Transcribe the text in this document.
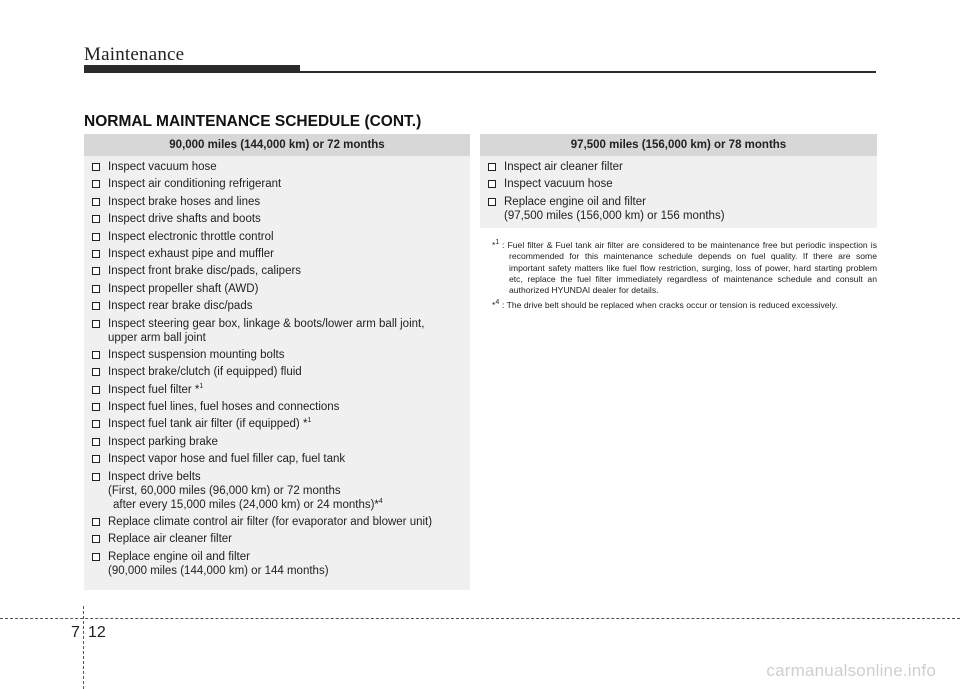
Maintenance
NORMAL MAINTENANCE SCHEDULE (CONT.)
90,000 miles (144,000 km) or 72 months
Inspect vacuum hose
Inspect air conditioning refrigerant
Inspect brake hoses and lines
Inspect drive shafts and boots
Inspect electronic throttle control
Inspect exhaust pipe and muffler
Inspect front brake disc/pads, calipers
Inspect propeller shaft (AWD)
Inspect rear brake disc/pads
Inspect steering gear box, linkage & boots/lower arm ball joint,
upper arm ball joint
Inspect suspension mounting bolts
Inspect brake/clutch (if equipped) fluid
Inspect fuel filter *$^1$
Inspect fuel lines, fuel hoses and connections
Inspect fuel tank air filter (if equipped) *$^1$
Inspect parking brake
Inspect vapor hose and fuel filler cap, fuel tank
Inspect drive belts
(First, 60,000 miles (96,000 km) or 72 months
after every 15,000 miles (24,000 km) or 24 months)*$^4$
Replace climate control air filter (for evaporator and blower unit)
Replace air cleaner filter
Replace engine oil and filter
(90,000 miles (144,000 km) or 144 months)
97,500 miles (156,000 km) or 78 months
Inspect air cleaner filter
Inspect vacuum hose
Replace engine oil and filter
(97,500 miles (156,000 km) or 156 months)
*$^1$ : Fuel filter & Fuel tank air filter are considered to be maintenance free but periodic inspection is recommended for this maintenance schedule depends on fuel quality. If there are some important safety matters like fuel flow restriction, surging, loss of power, hard starting problem etc, replace the fuel filter immediately regardless of maintenance schedule and consult an authorized HYUNDAI dealer for details.
*$^4$ : The drive belt should be replaced when cracks occur or tension is reduced excessively.
7 12
carmanualsonline.info
